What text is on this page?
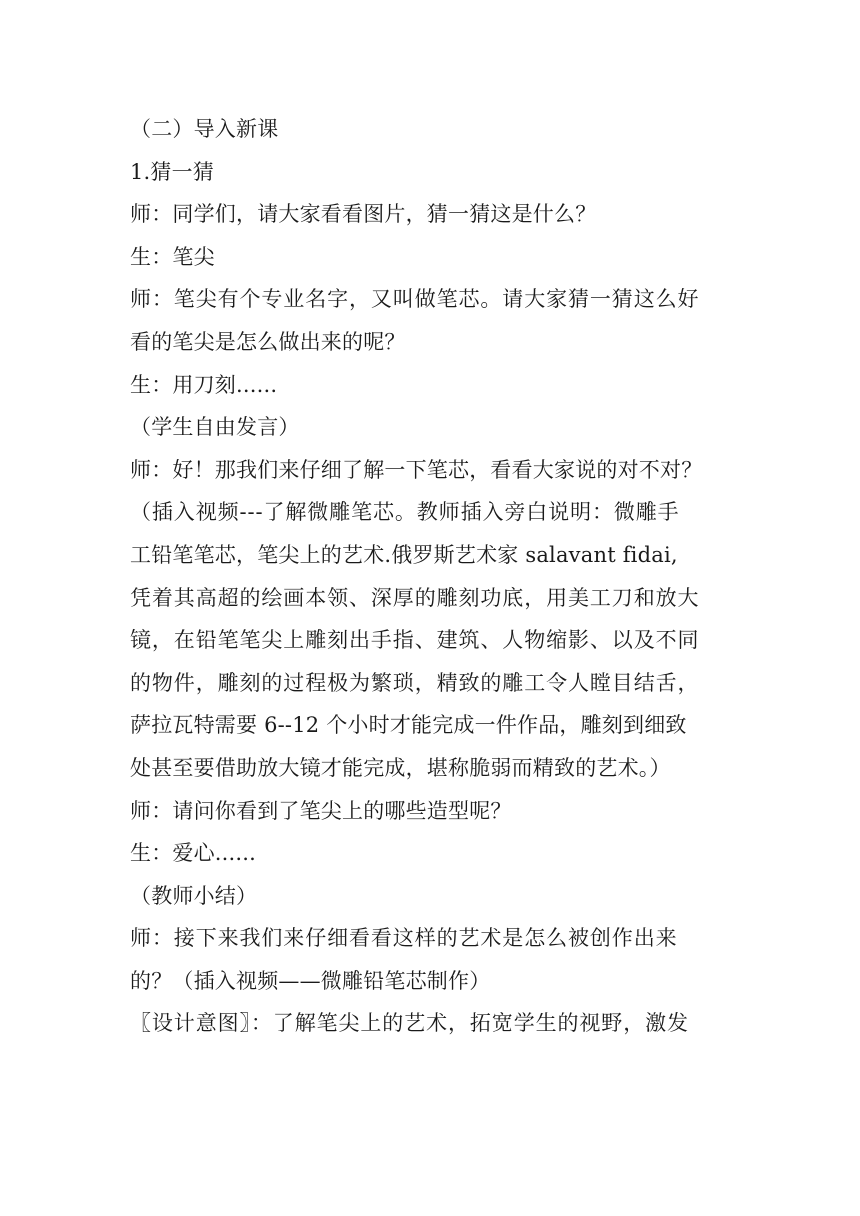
（二）导入新课
1.猜一猜
师：同学们，请大家看看图片，猜一猜这是什么？
生：笔尖
师：笔尖有个专业名字，又叫做笔芯。请大家猜一猜这么好
看的笔尖是怎么做出来的呢？
生：用刀刻......
（学生自由发言）
师：好！那我们来仔细了解一下笔芯，看看大家说的对不对？
（插入视频---了解微雕笔芯。教师插入旁白说明：微雕手
工铅笔笔芯，笔尖上的艺术.俄罗斯艺术家 salavant fidai,
凭着其高超的绘画本领、深厚的雕刻功底，用美工刀和放大
镜，在铅笔笔尖上雕刻出手指、建筑、人物缩影、以及不同
的物件，雕刻的过程极为繁琐，精致的雕工令人瞠目结舌，
萨拉瓦特需要 6--12 个小时才能完成一件作品，雕刻到细致
处甚至要借助放大镜才能完成，堪称脆弱而精致的艺术。）
师：请问你看到了笔尖上的哪些造型呢？
生：爱心......
（教师小结）
师：接下来我们来仔细看看这样的艺术是怎么被创作出来
的？（插入视频——微雕铅笔芯制作）
〖设计意图〗：了解笔尖上的艺术，拓宽学生的视野，激发
